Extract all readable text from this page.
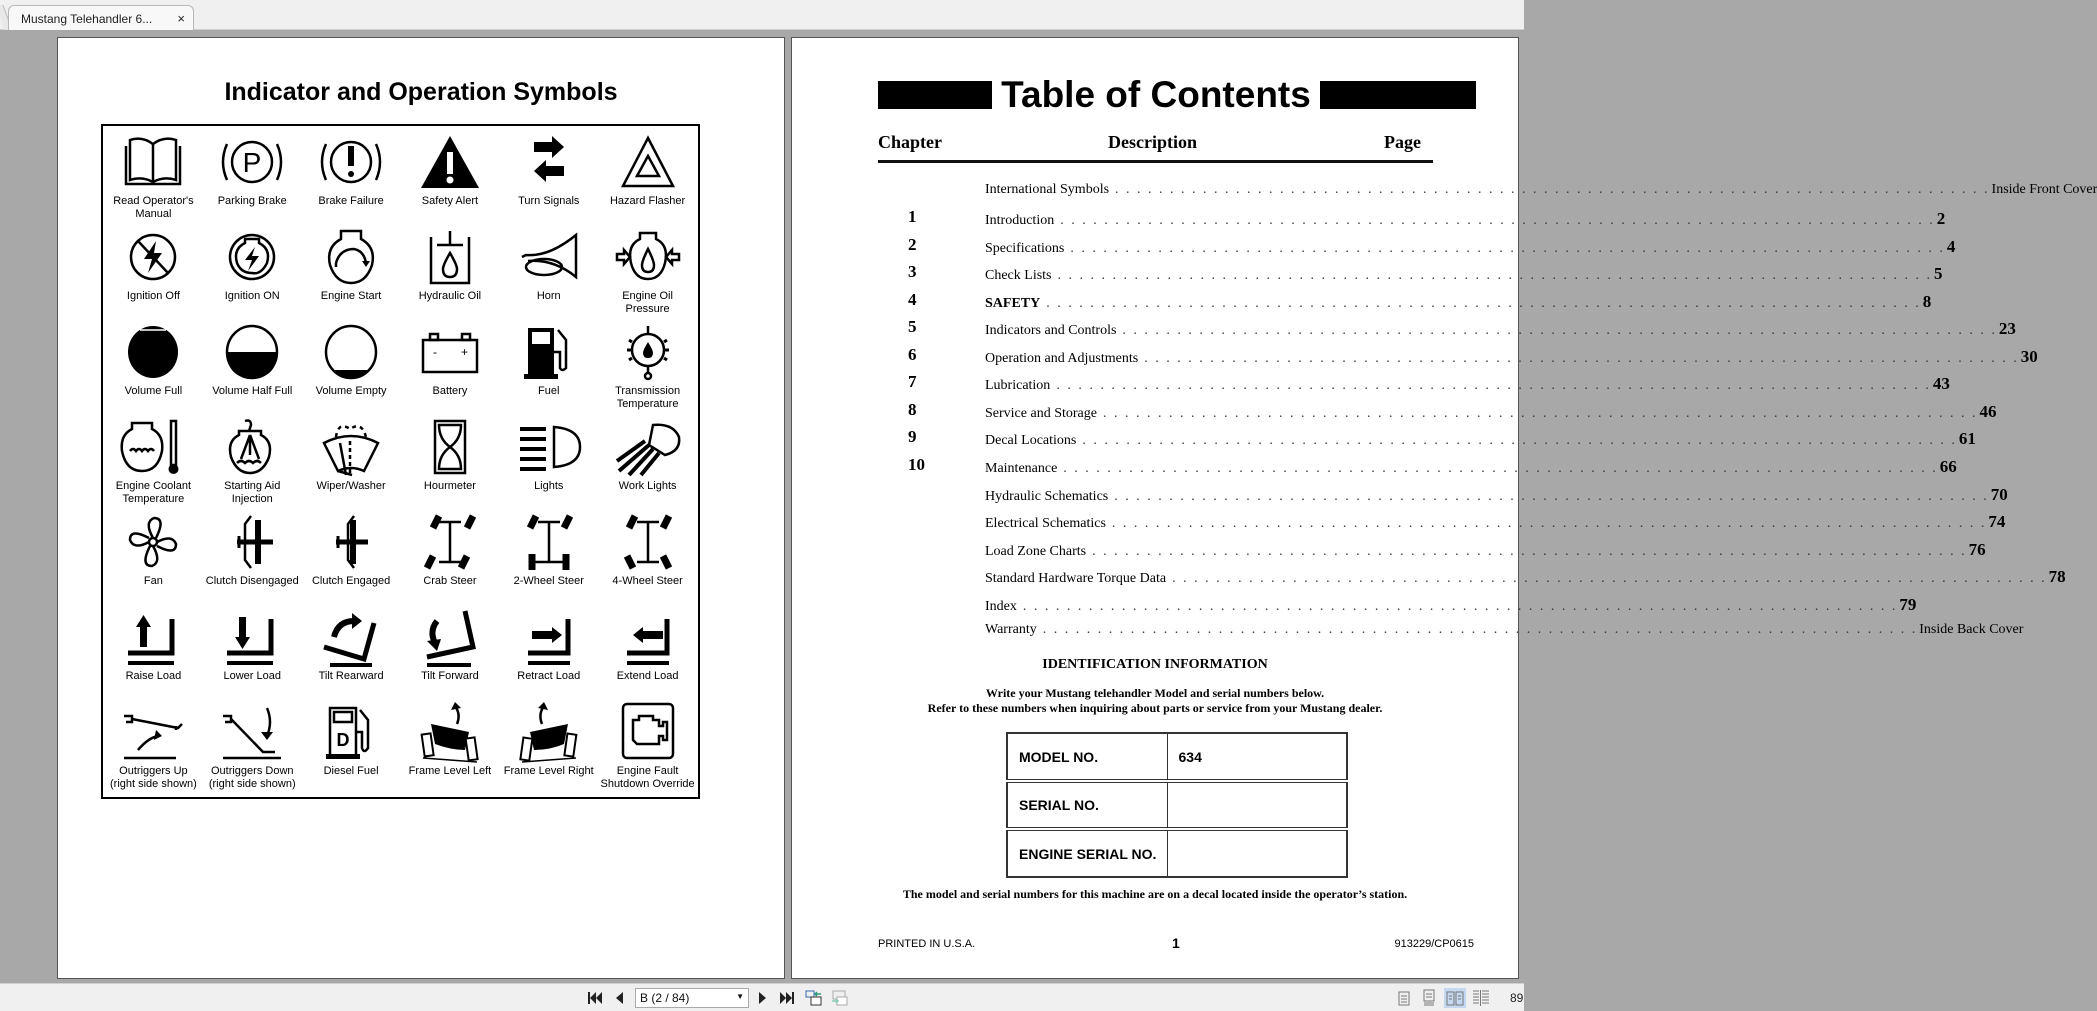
Mustang Telehandler 6... ×
Indicator and Operation Symbols
Read Operator's
Manual
P
Parking Brake	Brake Failure	Safety Alert	Turn Signals	Hazard Flasher
Ignition Off	Ignition ON	Engine Start	Hydraulic Oil	Horn	Engine Oil
Pressure
Volume Full	Volume Half Full Volume Empty
- +
Battery	Fuel	Transmission
Temperature
Engine Coolant
Temperature
Starting Aid
Injection
Wiper/Washer	Hourmeter	Lights	Work Lights
Fan	Clutch Disengaged Clutch Engaged	Crab Steer	2-Wheel Steer	4-Wheel Steer
Raise Load	Lower Load	Tilt Rearward	Tilt Forward	Retract Load	Extend Load
Outriggers Up
(right side shown)
Outriggers Down
(right side shown)
D
Diesel Fuel	Frame Level Left Frame Level Right	Engine Fault
Shutdown Override
Table of Contents
Chapter	Description	Page
International Symbols . . . . . . . . . . . . . . . . . . . . . . . . . . . . . . . . . . . . . . . . . . . . . . . . . . . . . . . . . . . . . . . . . . . . . . . . . . . . . . . . Inside Front Cover
1	Introduction . . . . . . . . . . . . . . . . . . . . . . . . . . . . . . . . . . . . . . . . . . . . . . . . . . . . . . . . . . . . . . . . . . . . . . . . . . . . . . . . 2
2	Specifications . . . . . . . . . . . . . . . . . . . . . . . . . . . . . . . . . . . . . . . . . . . . . . . . . . . . . . . . . . . . . . . . . . . . . . . . . . . . . . . . 4
3	Check Lists . . . . . . . . . . . . . . . . . . . . . . . . . . . . . . . . . . . . . . . . . . . . . . . . . . . . . . . . . . . . . . . . . . . . . . . . . . . . . . . . 5
4	SAFETY . . . . . . . . . . . . . . . . . . . . . . . . . . . . . . . . . . . . . . . . . . . . . . . . . . . . . . . . . . . . . . . . . . . . . . . . . . . . . . . . 8
5	Indicators and Controls . . . . . . . . . . . . . . . . . . . . . . . . . . . . . . . . . . . . . . . . . . . . . . . . . . . . . . . . . . . . . . . . . . . . . . . . . . . . . . . . 23
6	Operation and Adjustments . . . . . . . . . . . . . . . . . . . . . . . . . . . . . . . . . . . . . . . . . . . . . . . . . . . . . . . . . . . . . . . . . . . . . . . . . . . . . . . . 30
7	Lubrication . . . . . . . . . . . . . . . . . . . . . . . . . . . . . . . . . . . . . . . . . . . . . . . . . . . . . . . . . . . . . . . . . . . . . . . . . . . . . . . . 43
8	Service and Storage . . . . . . . . . . . . . . . . . . . . . . . . . . . . . . . . . . . . . . . . . . . . . . . . . . . . . . . . . . . . . . . . . . . . . . . . . . . . . . . . 46
9	Decal Locations . . . . . . . . . . . . . . . . . . . . . . . . . . . . . . . . . . . . . . . . . . . . . . . . . . . . . . . . . . . . . . . . . . . . . . . . . . . . . . . . 61
10	Maintenance . . . . . . . . . . . . . . . . . . . . . . . . . . . . . . . . . . . . . . . . . . . . . . . . . . . . . . . . . . . . . . . . . . . . . . . . . . . . . . . . 66
Hydraulic Schematics . . . . . . . . . . . . . . . . . . . . . . . . . . . . . . . . . . . . . . . . . . . . . . . . . . . . . . . . . . . . . . . . . . . . . . . . . . . . . . . . 70
Electrical Schematics . . . . . . . . . . . . . . . . . . . . . . . . . . . . . . . . . . . . . . . . . . . . . . . . . . . . . . . . . . . . . . . . . . . . . . . . . . . . . . . . 74
Load Zone Charts . . . . . . . . . . . . . . . . . . . . . . . . . . . . . . . . . . . . . . . . . . . . . . . . . . . . . . . . . . . . . . . . . . . . . . . . . . . . . . . . 76
Standard Hardware Torque Data . . . . . . . . . . . . . . . . . . . . . . . . . . . . . . . . . . . . . . . . . . . . . . . . . . . . . . . . . . . . . . . . . . . . . . . . . . . . . . . . 78
Index . . . . . . . . . . . . . . . . . . . . . . . . . . . . . . . . . . . . . . . . . . . . . . . . . . . . . . . . . . . . . . . . . . . . . . . . . . . . . . . . 79
Warranty . . . . . . . . . . . . . . . . . . . . . . . . . . . . . . . . . . . . . . . . . . . . . . . . . . . . . . . . . . . . . . . . . . . . . . . . . . . . . . . . Inside Back Cover
IDENTIFICATION INFORMATION
Write your Mustang telehandler Model and serial numbers below.
Refer to these numbers when inquiring about parts or service from your Mustang dealer.
MODEL NO.	634
SERIAL NO.	
ENGINE SERIAL NO.	
The model and serial numbers for this machine are on a decal located inside the operator’s station.
PRINTED IN U.S.A.	1	913229/CP0615
B (2 / 84)	▼	89
